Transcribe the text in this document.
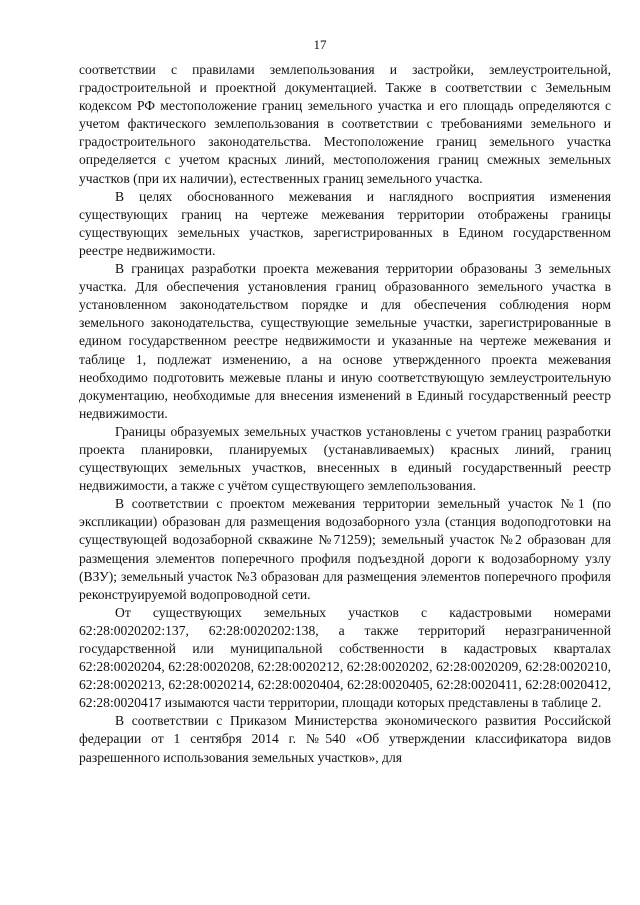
17

соответствии с правилами землепользования и застройки, землеустроительной, градостроительной и проектной документацией. Также в соответствии с Земельным кодексом РФ местоположение границ земельного участка и его площадь определяются с учетом фактического землепользования в соответствии с требованиями земельного и градостроительного законодательства. Местоположение границ земельного участка определяется с учетом красных линий, местоположения границ смежных земельных участков (при их наличии), естественных границ земельного участка.

В целях обоснованного межевания и наглядного восприятия изменения существующих границ на чертеже межевания территории отображены границы существующих земельных участков, зарегистрированных в Едином государственном реестре недвижимости.

В границах разработки проекта межевания территории образованы 3 земельных участка. Для обеспечения установления границ образованного земельного участка в установленном законодательством порядке и для обеспечения соблюдения норм земельного законодательства, существующие земельные участки, зарегистрированные в едином государственном реестре недвижимости и указанные на чертеже межевания и таблице 1, подлежат изменению, а на основе утвержденного проекта межевания необходимо подготовить межевые планы и иную соответствующую землеустроительную документацию, необходимые для внесения изменений в Единый государственный реестр недвижимости.

Границы образуемых земельных участков установлены с учетом границ разработки проекта планировки, планируемых (устанавливаемых) красных линий, границ существующих земельных участков, внесенных в единый государственный реестр недвижимости, а также с учётом существующего землепользования.

В соответствии с проектом межевания территории земельный участок №1 (по экспликации) образован для размещения водозаборного узла (станция водоподготовки на существующей водозаборной скважине №71259); земельный участок №2 образован для размещения элементов поперечного профиля подъездной дороги к водозаборному узлу (ВЗУ); земельный участок №3 образован для размещения элементов поперечного профиля реконструируемой водопроводной сети.

От существующих земельных участков с кадастровыми номерами 62:28:0020202:137, 62:28:0020202:138, а также территорий неразграниченной государственной или муниципальной собственности в кадастровых кварталах 62:28:0020204, 62:28:0020208, 62:28:0020212, 62:28:0020202, 62:28:0020209, 62:28:0020210, 62:28:0020213, 62:28:0020214, 62:28:0020404, 62:28:0020405, 62:28:0020411, 62:28:0020412, 62:28:0020417 изымаются части территории, площади которых представлены в таблице 2.

В соответствии с Приказом Министерства экономического развития Российской федерации от 1 сентября 2014 г. №540 «Об утверждении классификатора видов разрешенного использования земельных участков», для
